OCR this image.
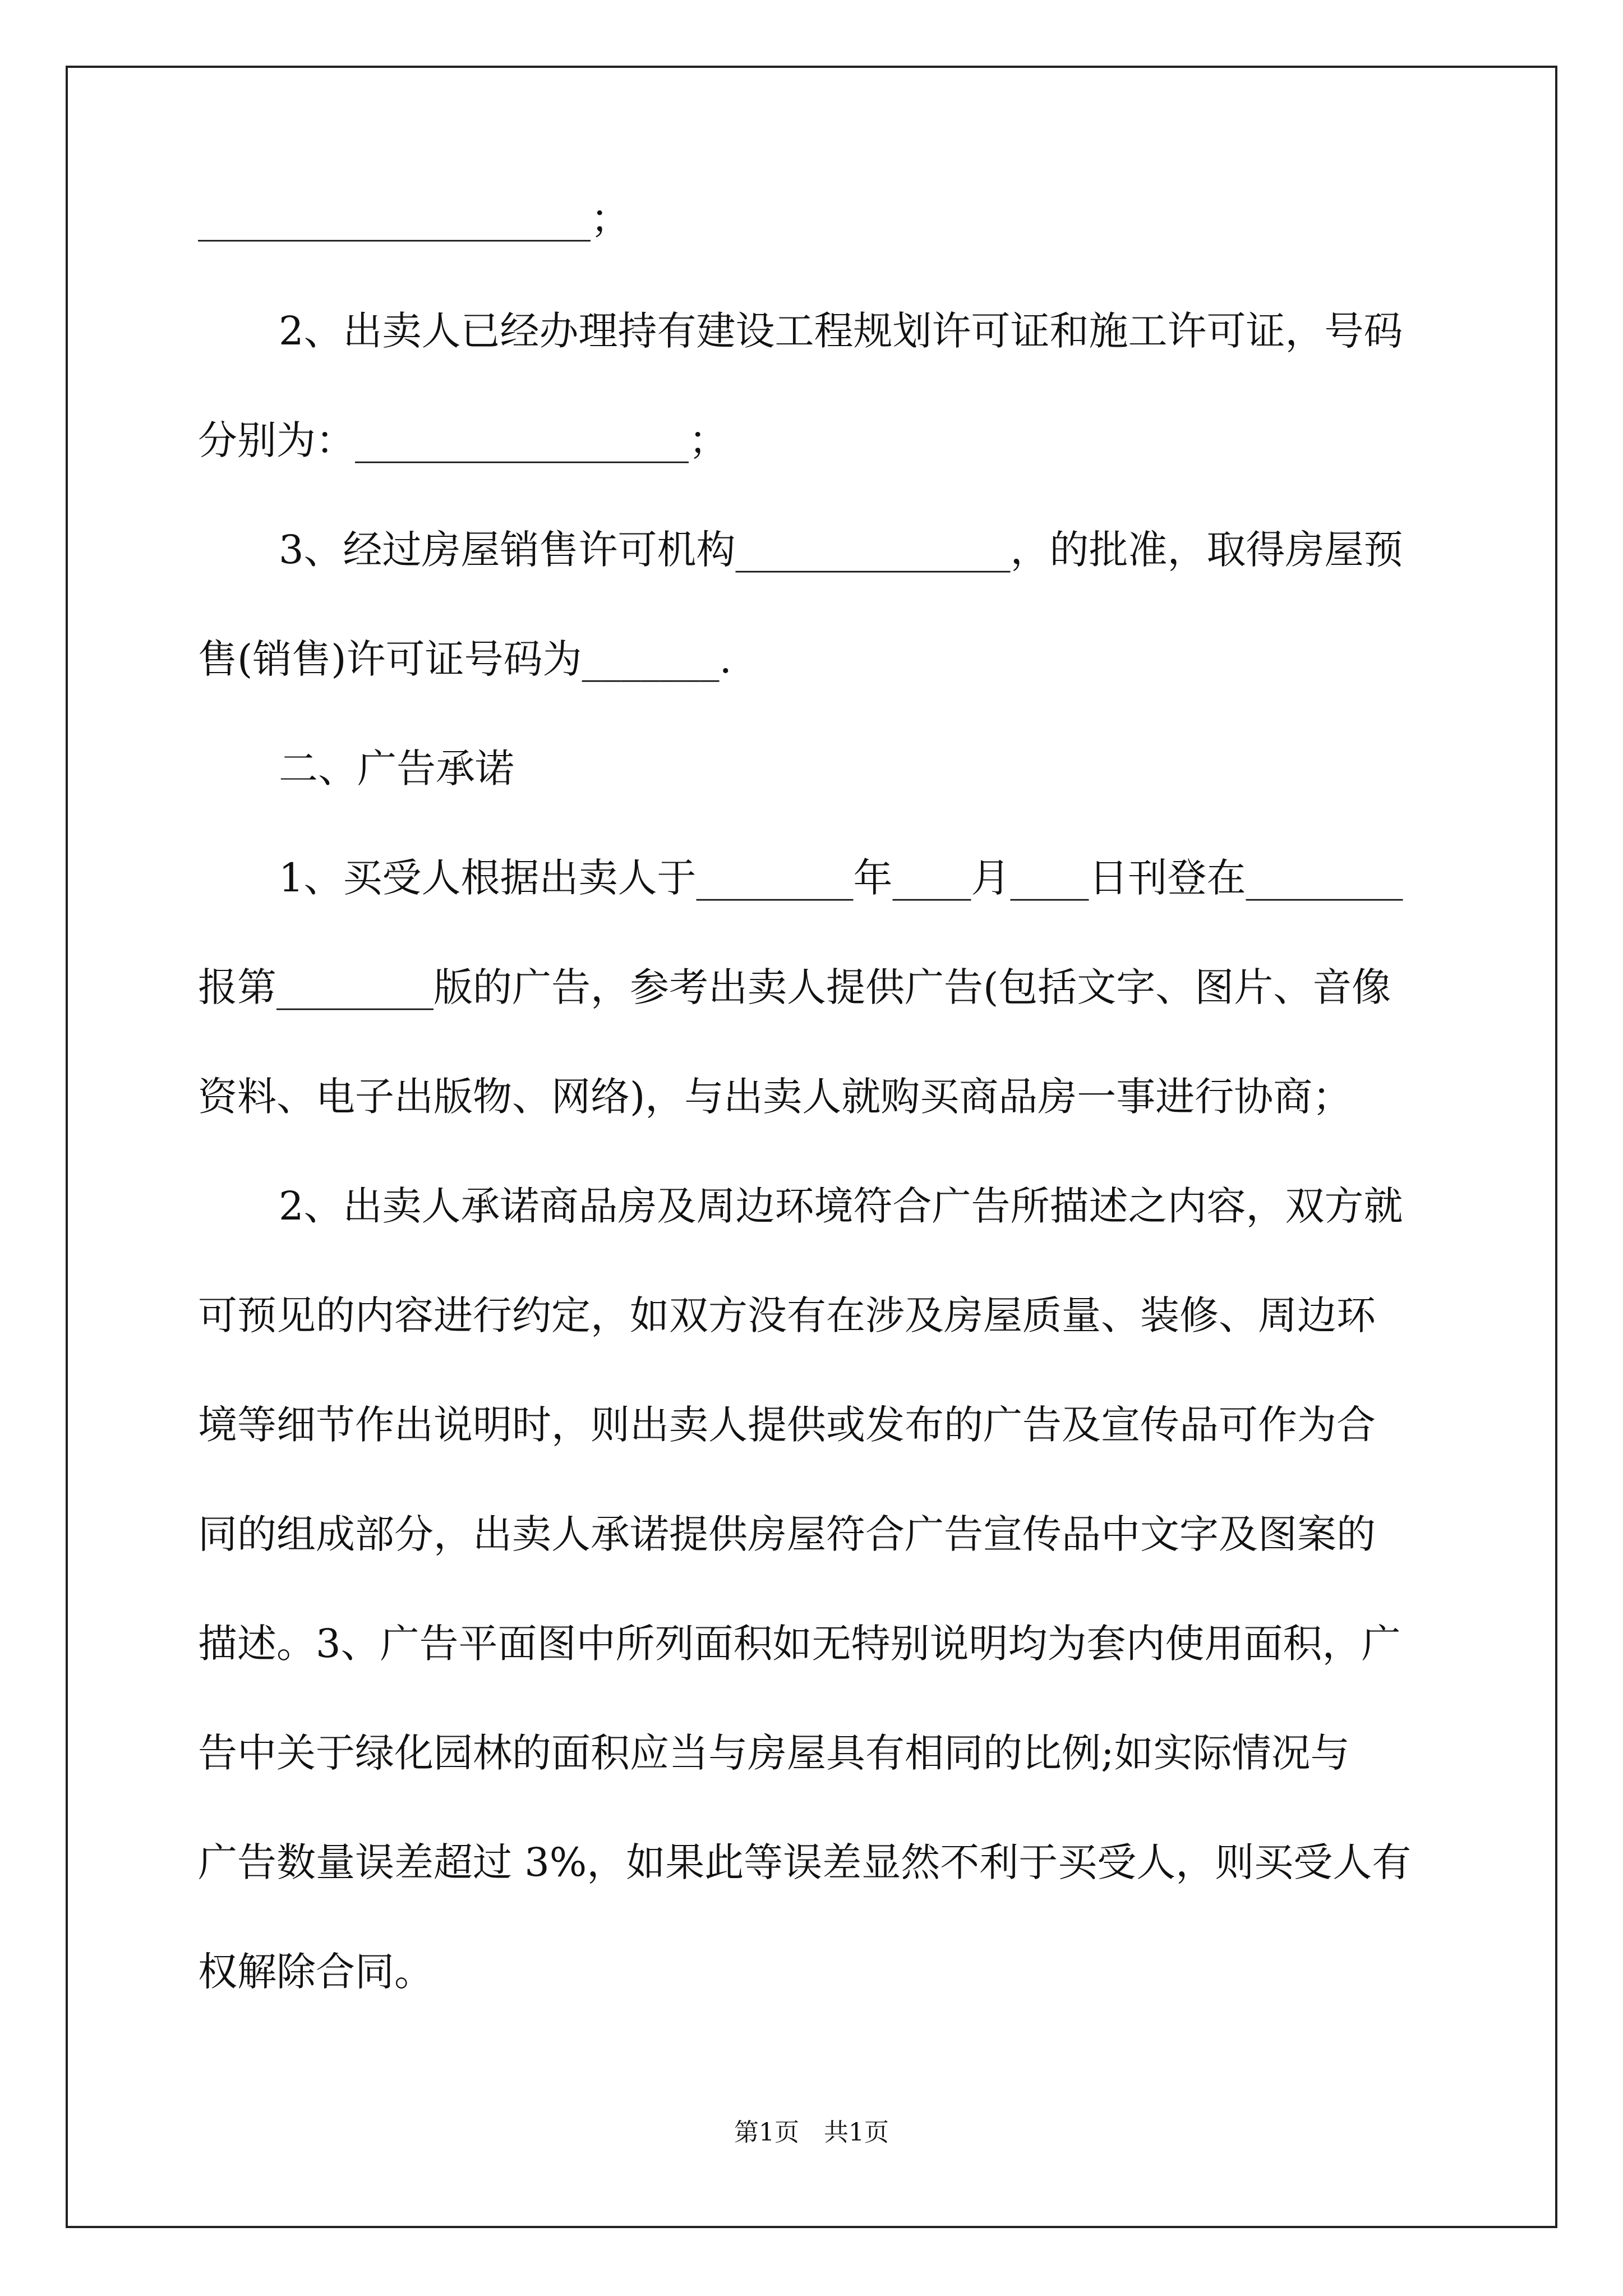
____________________；
2、出卖人已经办理持有建设工程规划许可证和施工许可证，号码
分别为：_________________；
3、经过房屋销售许可机构______________，的批准，取得房屋预
售(销售)许可证号码为_______.
二、广告承诺
1、买受人根据出卖人于________年____月____日刊登在________
报第________版的广告，参考出卖人提供广告(包括文字、图片、音像
资料、电子出版物、网络)，与出卖人就购买商品房一事进行协商；
2、出卖人承诺商品房及周边环境符合广告所描述之内容，双方就
可预见的内容进行约定，如双方没有在涉及房屋质量、装修、周边环
境等细节作出说明时，则出卖人提供或发布的广告及宣传品可作为合
同的组成部分，出卖人承诺提供房屋符合广告宣传品中文字及图案的
描述。3、广告平面图中所列面积如无特别说明均为套内使用面积，广
告中关于绿化园林的面积应当与房屋具有相同的比例;如实际情况与
广告数量误差超过 3%，如果此等误差显然不利于买受人，则买受人有
权解除合同。
第1页　共1页
